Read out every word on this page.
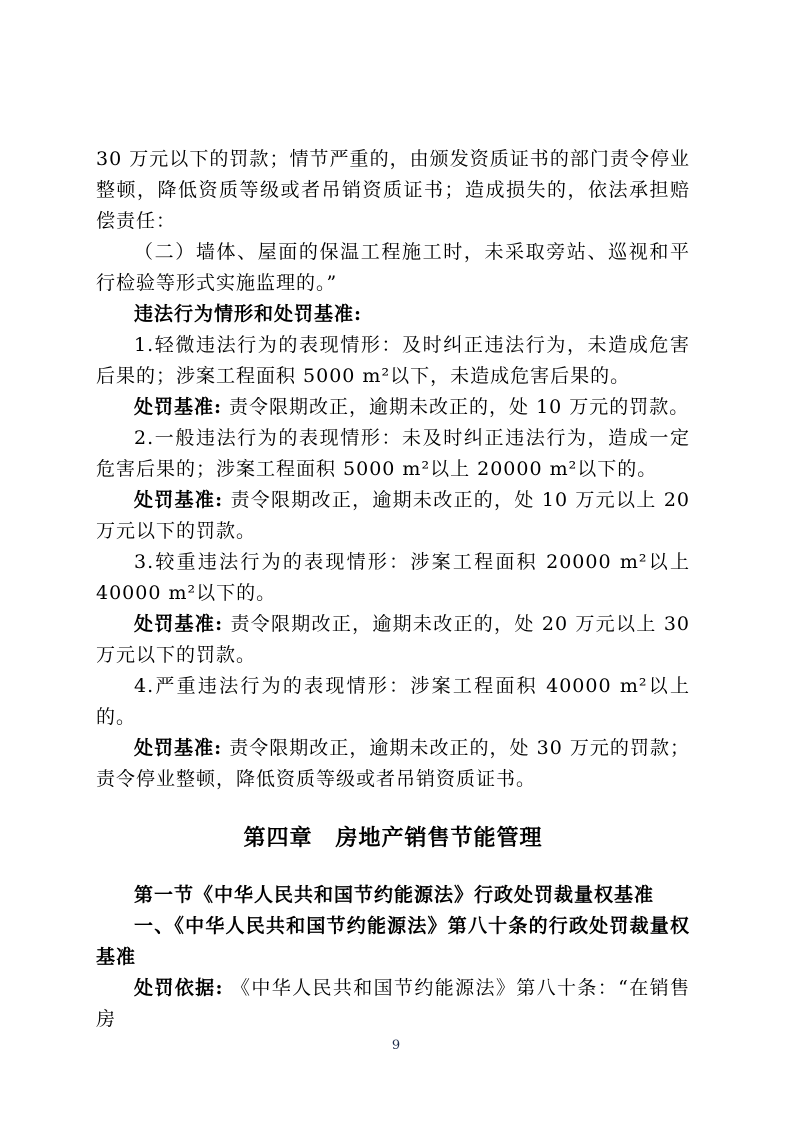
30 万元以下的罚款；情节严重的，由颁发资质证书的部门责令停业整顿，降低资质等级或者吊销资质证书；造成损失的，依法承担赔偿责任：

（二）墙体、屋面的保温工程施工时，未采取旁站、巡视和平行检验等形式实施监理的。”

违法行为情形和处罚基准:

1.轻微违法行为的表现情形：及时纠正违法行为，未造成危害后果的；涉案工程面积 5000 m²以下，未造成危害后果的。

处罚基准: 责令限期改正，逾期未改正的，处 10 万元的罚款。

2.一般违法行为的表现情形：未及时纠正违法行为，造成一定危害后果的；涉案工程面积 5000 m²以上 20000 m²以下的。

处罚基准: 责令限期改正，逾期未改正的，处 10 万元以上 20 万元以下的罚款。

3.较重违法行为的表现情形：涉案工程面积 20000 m²以上 40000 m²以下的。

处罚基准: 责令限期改正，逾期未改正的，处 20 万元以上 30 万元以下的罚款。

4.严重违法行为的表现情形：涉案工程面积 40000 m²以上的。

处罚基准: 责令限期改正，逾期未改正的，处 30 万元的罚款；责令停业整顿，降低资质等级或者吊销资质证书。

第四章　房地产销售节能管理

第一节《中华人民共和国节约能源法》行政处罚裁量权基准

一、《中华人民共和国节约能源法》第八十条的行政处罚裁量权基准

处罚依据: 《中华人民共和国节约能源法》第八十条：“在销售房

9
